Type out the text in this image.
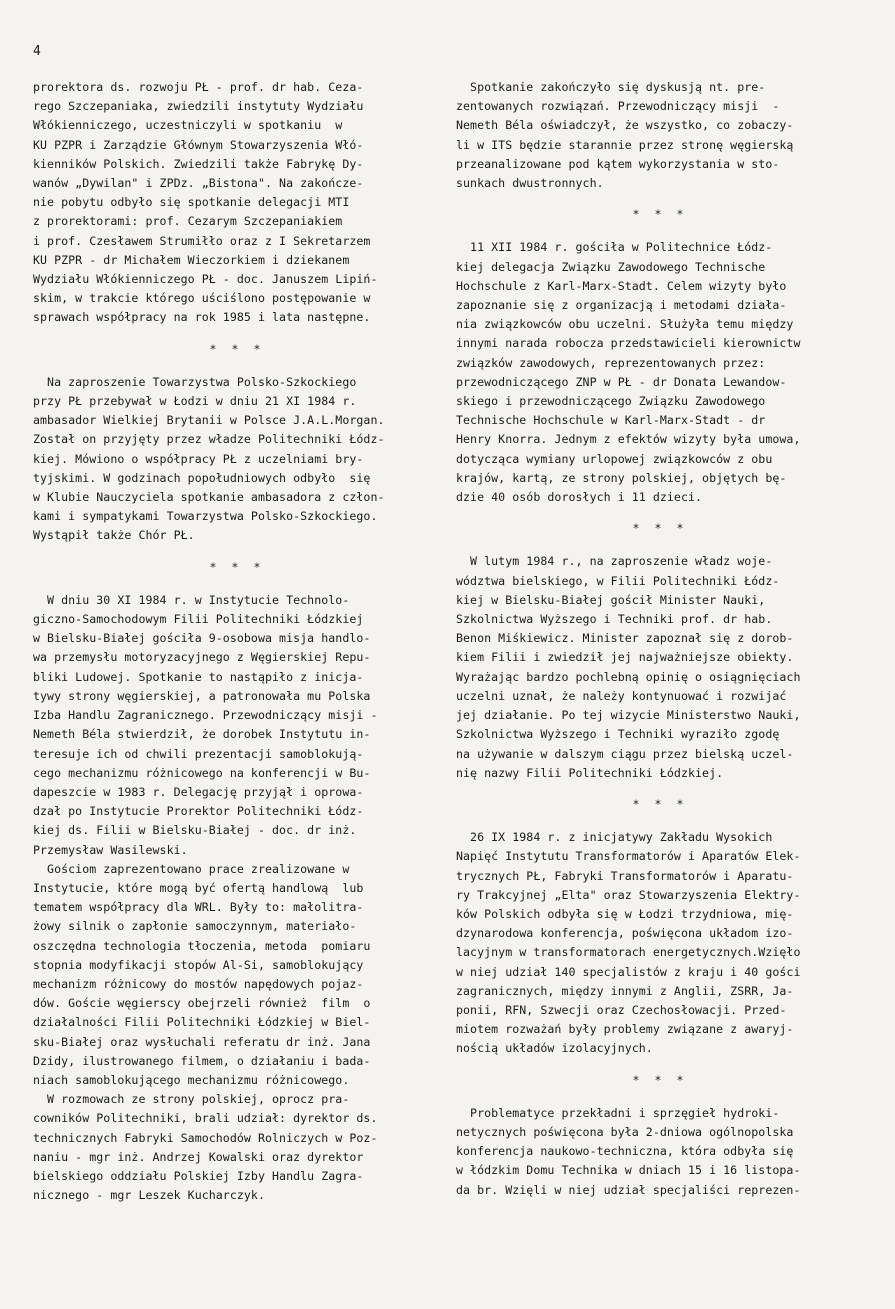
4
prorektora ds. rozwoju PŁ - prof. dr hab. Ceza-
rego Szczepaniaka, zwiedzili instytuty Wydziału
Włókienniczego, uczestniczyli w spotkaniu  w
KU PZPR i Zarządzie Głównym Stowarzyszenia Włó-
kienników Polskich. Zwiedzili także Fabrykę Dy-
wanów „Dywilan" i ZPDz. „Bistona". Na zakończe-
nie pobytu odbyło się spotkanie delegacji MTI
z prorektorami: prof. Cezarym Szczepaniakiem
i prof. Czesławem Strumiłło oraz z I Sekretarzem
KU PZPR - dr Michałem Wieczorkiem i dziekanem
Wydziału Włókienniczego PŁ - doc. Januszem Lipiń-
skim, w trakcie którego uściślono postępowanie w
sprawach współpracy na rok 1985 i lata następne.
* * *
Na zaproszenie Towarzystwa Polsko-Szkockiego
przy PŁ przebywał w Łodzi w dniu 21 XI 1984 r.
ambasador Wielkiej Brytanii w Polsce J.A.L.Morgan.
Został on przyjęty przez władze Politechniki Łódz-
kiej. Mówiono o współpracy PŁ z uczelniami bry-
tyjskimi. W godzinach popołudniowych odbyło  się
w Klubie Nauczyciela spotkanie ambasadora z człon-
kami i sympatykami Towarzystwa Polsko-Szkockiego.
Wystąpił także Chór PŁ.
* * *
W dniu 30 XI 1984 r. w Instytucie Technolo-
giczno-Samochodowym Filii Politechniki Łódzkiej
w Bielsku-Białej gościła 9-osobowa misja handlo-
wa przemysłu motoryzacyjnego z Węgierskiej Repu-
bliki Ludowej. Spotkanie to nastąpiło z inicja-
tywy strony węgierskiej, a patronowała mu Polska
Izba Handlu Zagranicznego. Przewodniczący misji -
Nemeth Béla stwierdził, że dorobek Instytutu in-
teresuje ich od chwili prezentacji samoblokują-
cego mechanizmu różnicowego na konferencji w Bu-
dapeszcie w 1983 r. Delegację przyjął i oprowa-
dzał po Instytucie Prorektor Politechniki Łódz-
kiej ds. Filii w Bielsku-Białej - doc. dr inż.
Przemysław Wasilewski.
Gościom zaprezentowano prace zrealizowane w
Instytucie, które mogą być ofertą handlową  lub
tematem współpracy dla WRL. Były to: małolitra-
żowy silnik o zapłonie samoczynnym, materiało-
oszczędna technologia tłoczenia, metoda  pomiaru
stopnia modyfikacji stopów Al-Si, samoblokujący
mechanizm różnicowy do mostów napędowych pojaz-
dów. Goście węgierscy obejrzeli również  film  o
działalności Filii Politechniki Łódzkiej w Biel-
sku-Białej oraz wysłuchali referatu dr inż. Jana
Dzidy, ilustrowanego filmem, o działaniu i bada-
niach samoblokującego mechanizmu różnicowego.
W rozmowach ze strony polskiej, oprocz pra-
cowników Politechniki, brali udział: dyrektor ds.
technicznych Fabryki Samochodów Rolniczych w Poz-
naniu - mgr inż. Andrzej Kowalski oraz dyrektor
bielskiego oddziału Polskiej Izby Handlu Zagra-
nicznego - mgr Leszek Kucharczyk.
Spotkanie zakończyło się dyskusją nt. pre-
zentowanych rozwiązań. Przewodniczący misji  -
Nemeth Béla oświadczył, że wszystko, co zobaczy-
li w ITS będzie starannie przez stronę węgierską
przeanalizowane pod kątem wykorzystania w sto-
sunkach dwustronnych.
* * *
11 XII 1984 r. gościła w Politechnice Łódz-
kiej delegacja Związku Zawodowego Technische
Hochschule z Karl-Marx-Stadt. Celem wizyty było
zapoznanie się z organizacją i metodami działa-
nia związkowców obu uczelni. Służyła temu między
innymi narada robocza przedstawicieli kierownictw
związków zawodowych, reprezentowanych przez:
przewodniczącego ZNP w PŁ - dr Donata Lewandow-
skiego i przewodniczącego Związku Zawodowego
Technische Hochschule w Karl-Marx-Stadt - dr
Henry Knorra. Jednym z efektów wizyty była umowa,
dotycząca wymiany urlopowej związkowców z obu
krajów, kartą, ze strony polskiej, objętych bę-
dzie 40 osób dorosłych i 11 dzieci.
* * *
W lutym 1984 r., na zaproszenie władz woje-
wództwa bielskiego, w Filii Politechniki Łódz-
kiej w Bielsku-Białej gościł Minister Nauki,
Szkolnictwa Wyższego i Techniki prof. dr hab.
Benon Miśkiewicz. Minister zapoznał się z dorob-
kiem Filii i zwiedził jej najważniejsze obiekty.
Wyrażając bardzo pochlebną opinię o osiągnięciach
uczelni uznał, że należy kontynuować i rozwijać
jej działanie. Po tej wizycie Ministerstwo Nauki,
Szkolnictwa Wyższego i Techniki wyraziło zgodę
na używanie w dalszym ciągu przez bielską uczel-
nię nazwy Filii Politechniki Łódzkiej.
* * *
26 IX 1984 r. z inicjatywy Zakładu Wysokich
Napięć Instytutu Transformatorów i Aparatów Elek-
trycznych PŁ, Fabryki Transformatorów i Aparatu-
ry Trakcyjnej „Elta" oraz Stowarzyszenia Elektry-
ków Polskich odbyła się w Łodzi trzydniowa, mię-
dzynarodowa konferencja, poświęcona układom izo-
lacyjnym w transformatorach energetycznych.Wzięło
w niej udział 140 specjalistów z kraju i 40 gości
zagranicznych, między innymi z Anglii, ZSRR, Ja-
ponii, RFN, Szwecji oraz Czechosłowacji. Przed-
miotem rozważań były problemy związane z awaryj-
nością układów izolacyjnych.
* * *
Problematyce przekładni i sprzęgieł hydroki-
netycznych poświęcona była 2-dniowa ogólnopolska
konferencja naukowo-techniczna, która odbyła się
w łódzkim Domu Technika w dniach 15 i 16 listopa-
da br. Wzięli w niej udział specjaliści reprezen-
